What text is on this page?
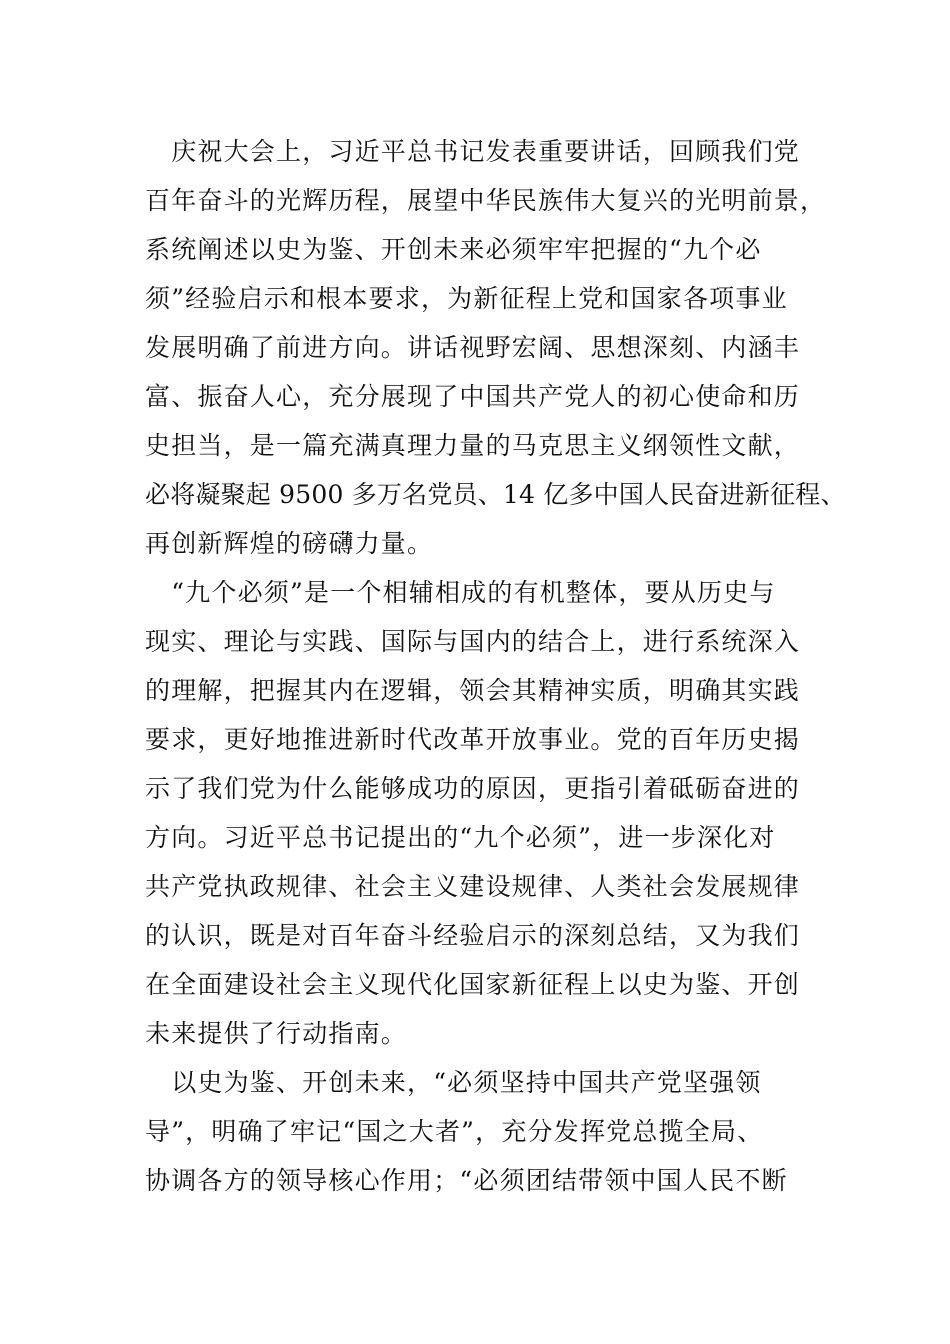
　庆祝大会上，习近平总书记发表重要讲话，回顾我们党
百年奋斗的光辉历程，展望中华民族伟大复兴的光明前景，
系统阐述以史为鉴、开创未来必须牢牢把握的“九个必
须”经验启示和根本要求，为新征程上党和国家各项事业
发展明确了前进方向。讲话视野宏阔、思想深刻、内涵丰
富、振奋人心，充分展现了中国共产党人的初心使命和历
史担当，是一篇充满真理力量的马克思主义纲领性文献，
必将凝聚起 9500 多万名党员、14 亿多中国人民奋进新征程、
再创新辉煌的磅礴力量。
　“九个必须”是一个相辅相成的有机整体，要从历史与
现实、理论与实践、国际与国内的结合上，进行系统深入
的理解，把握其内在逻辑，领会其精神实质，明确其实践
要求，更好地推进新时代改革开放事业。党的百年历史揭
示了我们党为什么能够成功的原因，更指引着砥砺奋进的
方向。习近平总书记提出的“九个必须”，进一步深化对
共产党执政规律、社会主义建设规律、人类社会发展规律
的认识，既是对百年奋斗经验启示的深刻总结，又为我们
在全面建设社会主义现代化国家新征程上以史为鉴、开创
未来提供了行动指南。
　以史为鉴、开创未来，“必须坚持中国共产党坚强领
导”，明确了牢记“国之大者”，充分发挥党总揽全局、
协调各方的领导核心作用；“必须团结带领中国人民不断
